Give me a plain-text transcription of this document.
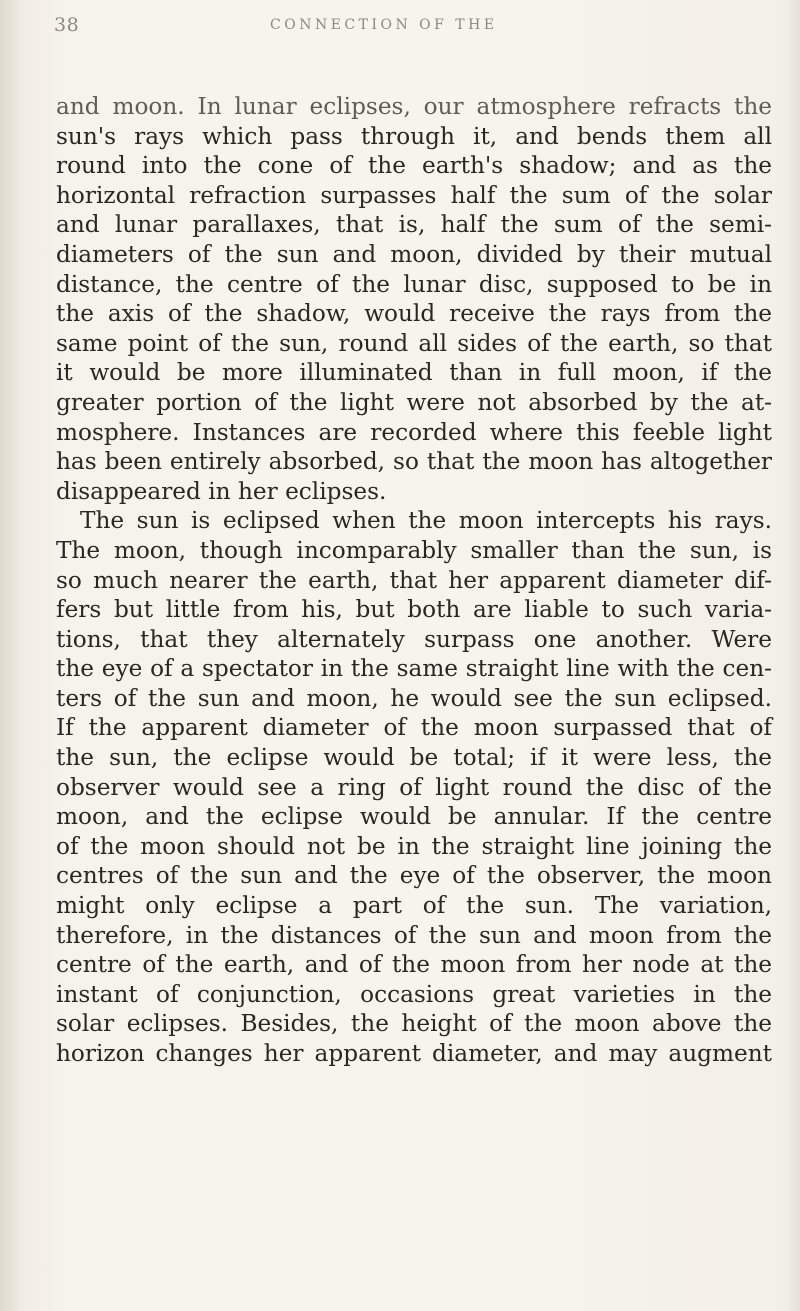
38	CONNECTION OF THE
and moon. In lunar eclipses, our atmosphere refracts the
sun's rays which pass through it, and bends them all
round into the cone of the earth's shadow; and as the
horizontal refraction surpasses half the sum of the solar
and lunar parallaxes, that is, half the sum of the semi-
diameters of the sun and moon, divided by their mutual
distance, the centre of the lunar disc, supposed to be in
the axis of the shadow, would receive the rays from the
same point of the sun, round all sides of the earth, so that
it would be more illuminated than in full moon, if the
greater portion of the light were not absorbed by the at-
mosphere. Instances are recorded where this feeble light
has been entirely absorbed, so that the moon has altogether
disappeared in her eclipses.
The sun is eclipsed when the moon intercepts his rays.
The moon, though incomparably smaller than the sun, is
so much nearer the earth, that her apparent diameter dif-
fers but little from his, but both are liable to such varia-
tions, that they alternately surpass one another. Were
the eye of a spectator in the same straight line with the cen-
ters of the sun and moon, he would see the sun eclipsed.
If the apparent diameter of the moon surpassed that of
the sun, the eclipse would be total; if it were less, the
observer would see a ring of light round the disc of the
moon, and the eclipse would be annular. If the centre
of the moon should not be in the straight line joining the
centres of the sun and the eye of the observer, the moon
might only eclipse a part of the sun. The variation,
therefore, in the distances of the sun and moon from the
centre of the earth, and of the moon from her node at the
instant of conjunction, occasions great varieties in the
solar eclipses. Besides, the height of the moon above the
horizon changes her apparent diameter, and may augment
